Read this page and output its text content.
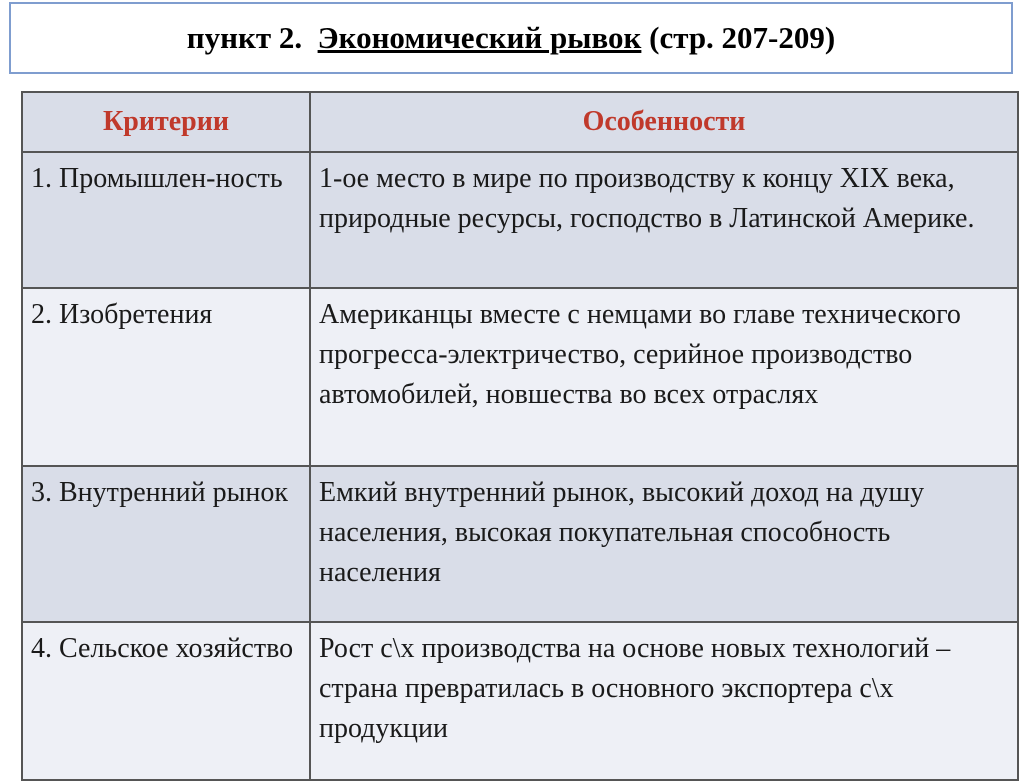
пункт 2. Экономический рывок (стр. 207-209)
Критерии	Особенности
1. Промышлен-ность	1-ое место в мире по производству к концу XIX века, природные ресурсы, господство в Латинской Америке.
2. Изобретения	Американцы вместе с немцами во главе технического прогресса-электричество, серийное производство автомобилей, новшества во всех отраслях
3. Внутренний рынок	Емкий внутренний рынок, высокий доход на душу населения, высокая покупательная способность населения
4. Сельское хозяйство	Рост с\х производства на основе новых технологий – страна превратилась в основного экспортера с\х продукции
